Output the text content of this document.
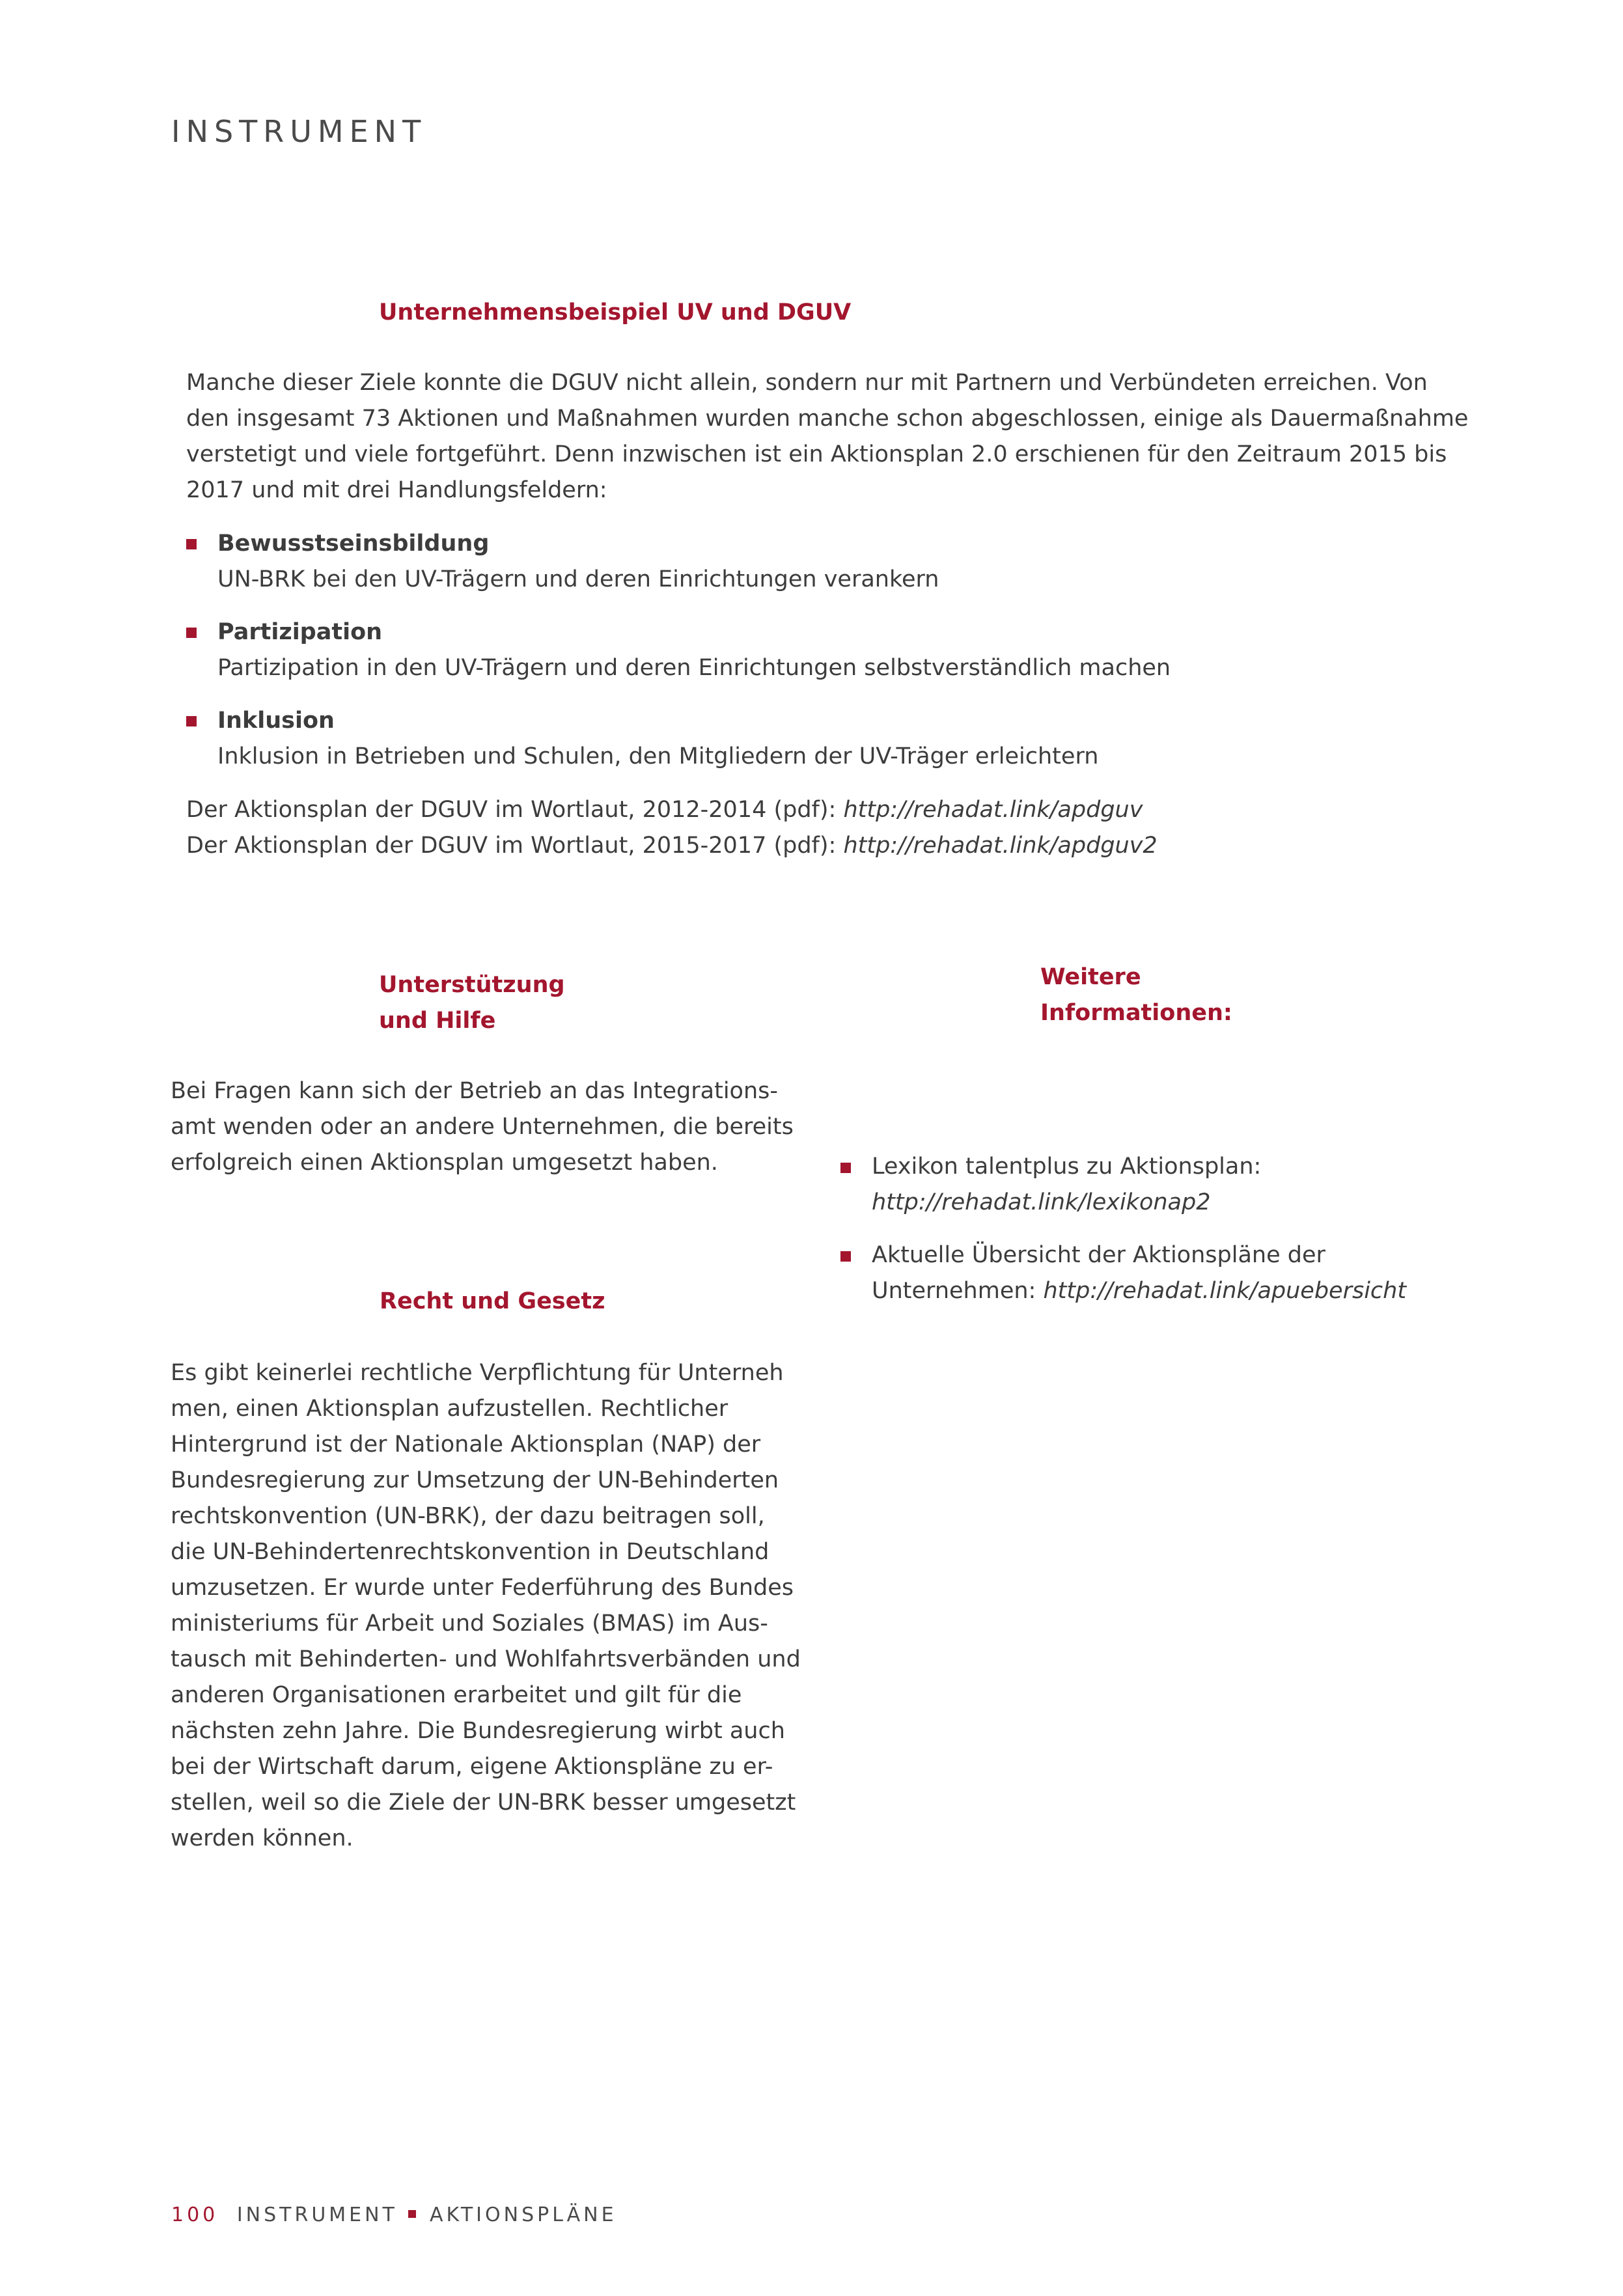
INSTRUMENT
Unternehmensbeispiel UV und DGUV
Manche dieser Ziele konnte die DGUV nicht allein, sondern nur mit Partnern und Verbündeten erreichen. Von
den insgesamt 73 Aktionen und Maßnahmen wurden manche schon abgeschlossen, einige als Dauermaßnahme
verstetigt und viele fortgeführt. Denn inzwischen ist ein Aktionsplan 2.0 erschienen für den Zeitraum 2015 bis
2017 und mit drei Handlungsfeldern:
Bewusstseinsbildung
UN-BRK bei den UV-Trägern und deren Einrichtungen verankern
Partizipation
Partizipation in den UV-Trägern und deren Einrichtungen selbstverständlich machen
Inklusion
Inklusion in Betrieben und Schulen, den Mitgliedern der UV-Träger erleichtern
Der Aktionsplan der DGUV im Wortlaut, 2012-2014 (pdf): http://rehadat.link/apdguv
Der Aktionsplan der DGUV im Wortlaut, 2015-2017 (pdf): http://rehadat.link/apdguv2
Unterstützung
und Hilfe
Bei Fragen kann sich der Betrieb an das Integrations-
amt wenden oder an andere Unternehmen, die bereits
erfolgreich einen Aktionsplan umgesetzt haben.
Recht und Gesetz
Es gibt keinerlei rechtliche Verpflichtung für Unterneh
men, einen Aktionsplan aufzustellen. Rechtlicher
Hintergrund ist der Nationale Aktionsplan (NAP) der
Bundesregierung zur Umsetzung der UN-Behinderten
rechtskonvention (UN-BRK), der dazu beitragen soll,
die UN-Behindertenrechtskonvention in Deutschland
umzusetzen. Er wurde unter Federführung des Bundes
ministeriums für Arbeit und Soziales (BMAS) im Aus-
tausch mit Behinderten- und Wohlfahrtsverbänden und
anderen Organisationen erarbeitet und gilt für die
nächsten zehn Jahre. Die Bundesregierung wirbt auch
bei der Wirtschaft darum, eigene Aktionspläne zu er-
stellen, weil so die Ziele der UN-BRK besser umgesetzt
werden können.
Weitere
Informationen:
Lexikon talentplus zu Aktionsplan:
http://rehadat.link/lexikonap2
Aktuelle Übersicht der Aktionspläne der
Unternehmen: http://rehadat.link/apuebersicht
100 INSTRUMENT AKTIONSPLÄNE
